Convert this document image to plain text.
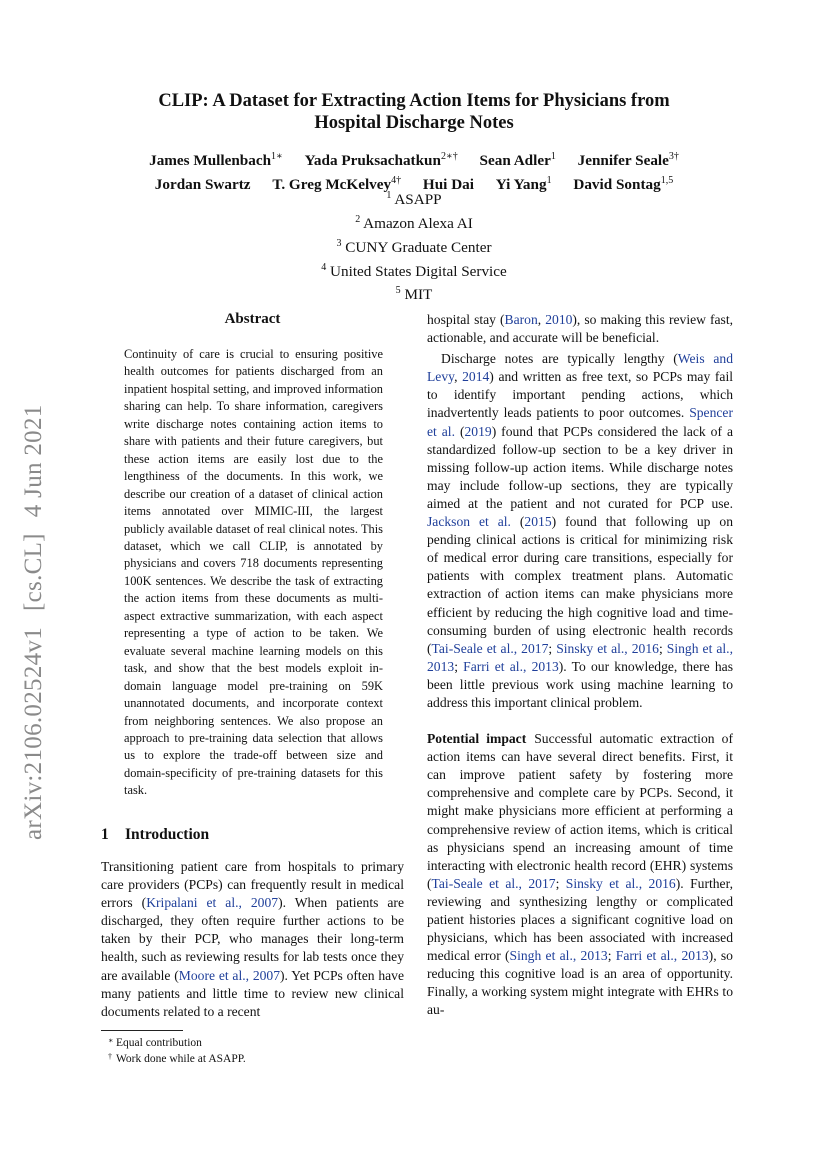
arXiv:2106.02524v1[cs.CL]4 Jun 2021
CLIP: A Dataset for Extracting Action Items for Physicians from
Hospital Discharge Notes
James Mullenbach$^{1∗}$ Yada Pruksachatkun$^{2∗\dagger}$ Sean Adler$^1$ Jennifer Seale$^{3\dagger}$
Jordan Swartz T. Greg McKelvey$^{4\dagger}$ Hui Dai Yi Yang$^1$ David Sontag$^{1,5}$
$^1$ ASAPP
$^2$ Amazon Alexa AI
$^3$ CUNY Graduate Center
$^4$ United States Digital Service
$^5$ MIT
Abstract
Continuity of care is crucial to ensuring positive health outcomes for patients discharged from an inpatient hospital setting, and improved information sharing can help. To share information, caregivers write discharge notes containing action items to share with patients and their future caregivers, but these action items are easily lost due to the lengthiness of the documents. In this work, we describe our creation of a dataset of clinical action items annotated over MIMIC-III, the largest publicly available dataset of real clinical notes. This dataset, which we call CLIP, is annotated by physicians and covers 718 documents representing 100K sentences. We describe the task of extracting the action items from these documents as multi-aspect extractive summarization, with each aspect representing a type of action to be taken. We evaluate several machine learning models on this task, and show that the best models exploit in-domain language model pre-training on 59K unannotated documents, and incorporate context from neighboring sentences. We also propose an approach to pre-training data selection that allows us to explore the trade-off between size and domain-specificity of pre-training datasets for this task.
1 Introduction

Transitioning patient care from hospitals to primary care providers (PCPs) can frequently result in medical errors (Kripalani et al., 2007). When patients are discharged, they often require further actions to be taken by their PCP, who manages their long-term health, such as reviewing results for lab tests once they are available (Moore et al., 2007). Yet PCPs often have many patients and little time to review new clinical documents related to a recent

∗ Equal contribution
† Work done while at ASAPP.

hospital stay (Baron, 2010), so making this review fast, actionable, and accurate will be beneficial.

Discharge notes are typically lengthy (Weis and Levy, 2014) and written as free text, so PCPs may fail to identify important pending actions, which inadvertently leads patients to poor outcomes. Spencer et al. (2019) found that PCPs considered the lack of a standardized follow-up section to be a key driver in missing follow-up action items. While discharge notes may include follow-up sections, they are typically aimed at the patient and not curated for PCP use. Jackson et al. (2015) found that following up on pending clinical actions is critical for minimizing risk of medical error during care transitions, especially for patients with complex treatment plans. Automatic extraction of action items can make physicians more efficient by reducing the high cognitive load and time-consuming burden of using electronic health records (Tai-Seale et al., 2017; Sinsky et al., 2016; Singh et al., 2013; Farri et al., 2013). To our knowledge, there has been little previous work using machine learning to address this important clinical problem.

Potential impact Successful automatic extraction of action items can have several direct benefits. First, it can improve patient safety by fostering more comprehensive and complete care by PCPs. Second, it might make physicians more efficient at performing a comprehensive review of action items, which is critical as physicians spend an increasing amount of time interacting with electronic health record (EHR) systems (Tai-Seale et al., 2017; Sinsky et al., 2016). Further, reviewing and synthesizing lengthy or complicated patient histories places a significant cognitive load on physicians, which has been associated with increased medical error (Singh et al., 2013; Farri et al., 2013), so reducing this cognitive load is an area of opportunity. Finally, a working system might integrate with EHRs to au-
